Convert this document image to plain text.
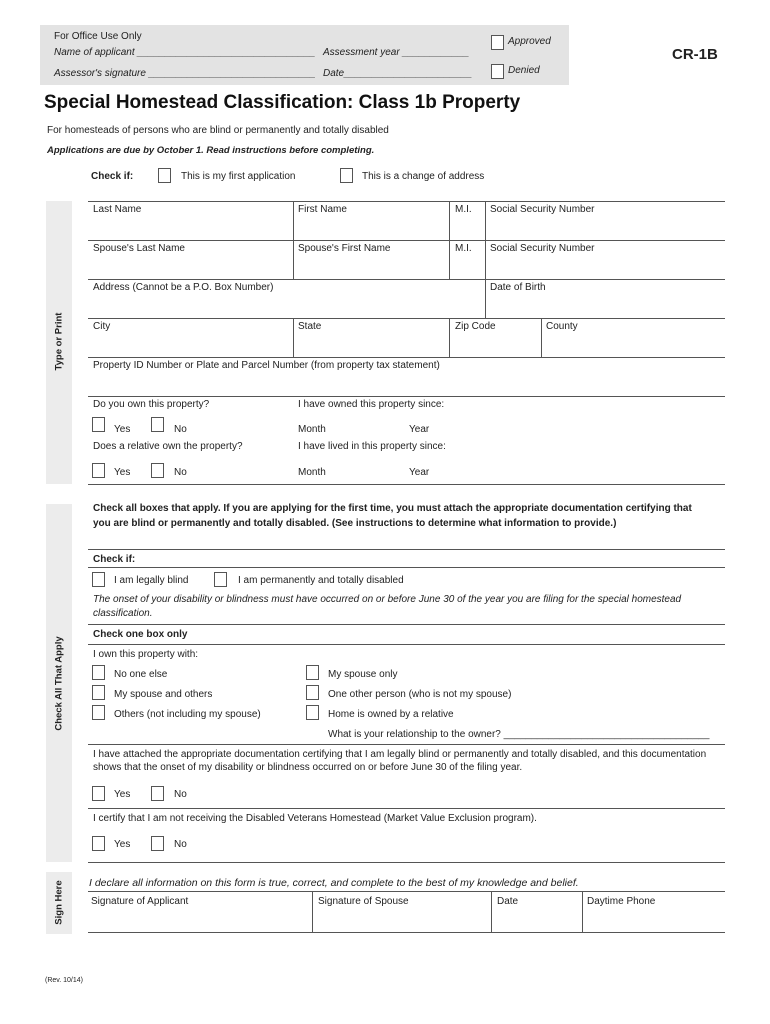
For Office Use Only
Name of applicant ________________________________ Assessment year ____________
Approved
Assessor's signature ______________________________ Date_______________________	Denied
CR-1B
Special Homestead Classification: Class 1b Property
For homesteads of persons who are blind or permanently and totally disabled
Applications are due by October 1. Read instructions before completing.
Check if:	This is my first application	This is a change of address
Type or Print
Last Name	First Name	M.I. Social Security Number
Spouse's Last Name	Spouse's First Name	M.I. Social Security Number
Address (Cannot be a P.O. Box Number)	Date of Birth
City	State	Zip Code	County
Property ID Number or Plate and Parcel Number (from property tax statement)
Do you own this property?	I have owned this property since:
Yes	No	Month	Year
Does a relative own the property?	I have lived in this property since:
Yes	No	Month	Year
Check All That Apply
Check all boxes that apply. If you are applying for the first time, you must attach the appropriate documentation certifying that you are blind or permanently and totally disabled. (See instructions to determine what information to provide.)
Check if:
I am legally blind	I am permanently and totally disabled
The onset of your disability or blindness must have occurred on or before June 30 of the year you are filing for the special homestead classification.
Check one box only
I own this property with:
No one else
My spouse and others
Others (not including my spouse)
My spouse only
One other person (who is not my spouse)
Home is owned by a relative
What is your relationship to the owner? _____________________________________
I have attached the appropriate documentation certifying that I am legally blind or permanently and totally disabled, and this documentation shows that the onset of my disability or blindness occurred on or before June 30 of the filing year.
Yes	No
I certify that I am not receiving the Disabled Veterans Homestead (Market Value Exclusion program).
Yes	No
Sign Here I declare all information on this form is true, correct, and complete to the best of my knowledge and belief.
Signature of Applicant	Signature of Spouse	Date	Daytime Phone
(Rev. 10/14)
